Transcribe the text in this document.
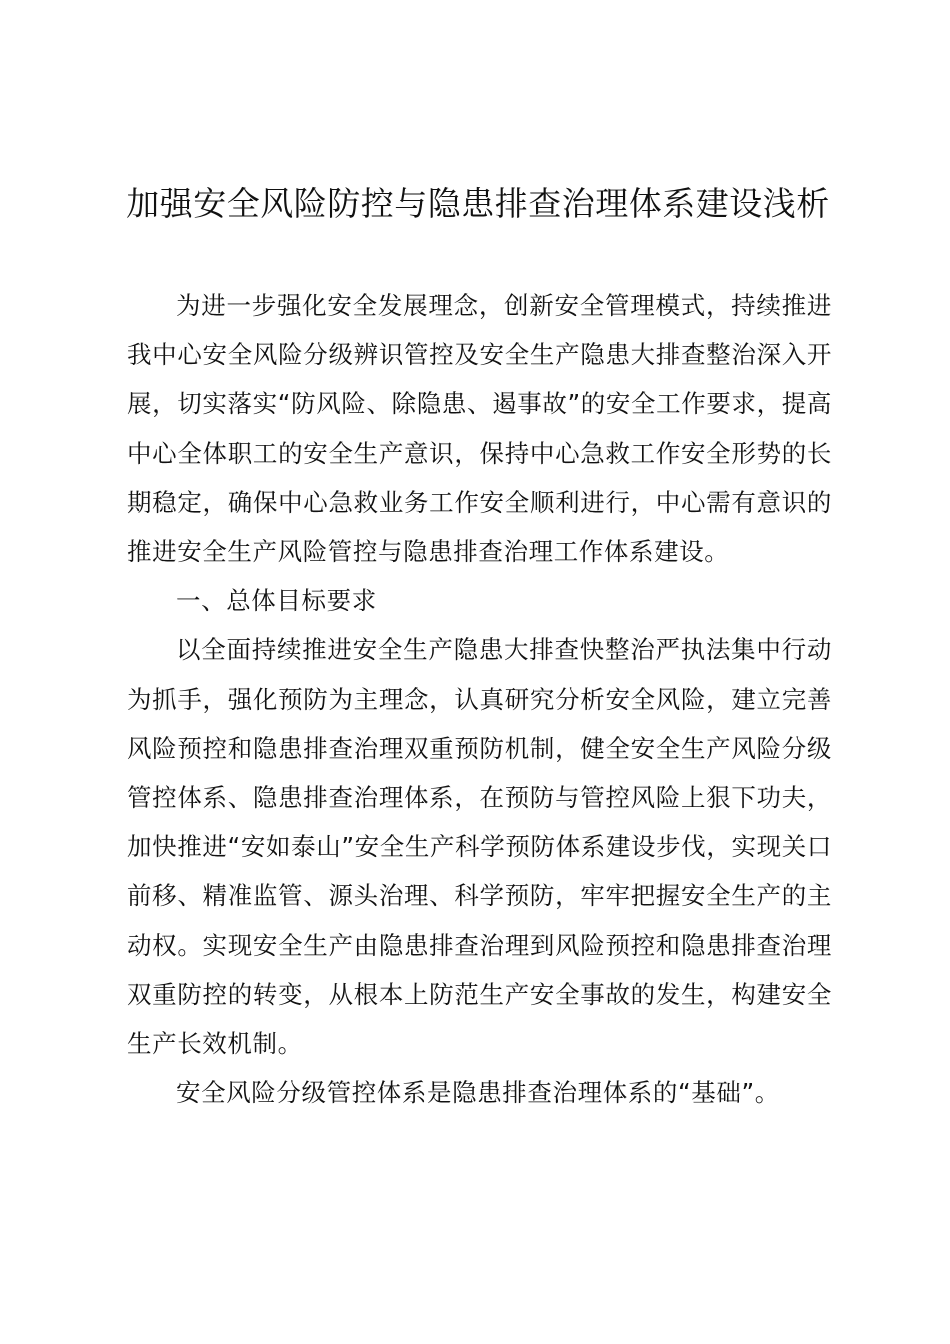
加强安全风险防控与隐患排查治理体系建设浅析

为进一步强化安全发展理念，创新安全管理模式，持续推进我中心安全风险分级辨识管控及安全生产隐患大排查整治深入开展，切实落实“防风险、除隐患、遏事故”的安全工作要求，提高中心全体职工的安全生产意识，保持中心急救工作安全形势的长期稳定，确保中心急救业务工作安全顺利进行，中心需有意识的推进安全生产风险管控与隐患排查治理工作体系建设。

一、总体目标要求

以全面持续推进安全生产隐患大排查快整治严执法集中行动为抓手，强化预防为主理念，认真研究分析安全风险，建立完善风险预控和隐患排查治理双重预防机制，健全安全生产风险分级管控体系、隐患排查治理体系，在预防与管控风险上狠下功夫，加快推进“安如泰山”安全生产科学预防体系建设步伐，实现关口前移、精准监管、源头治理、科学预防，牢牢把握安全生产的主动权。实现安全生产由隐患排查治理到风险预控和隐患排查治理双重防控的转变，从根本上防范生产安全事故的发生，构建安全生产长效机制。

安全风险分级管控体系是隐患排查治理体系的“基础”。
